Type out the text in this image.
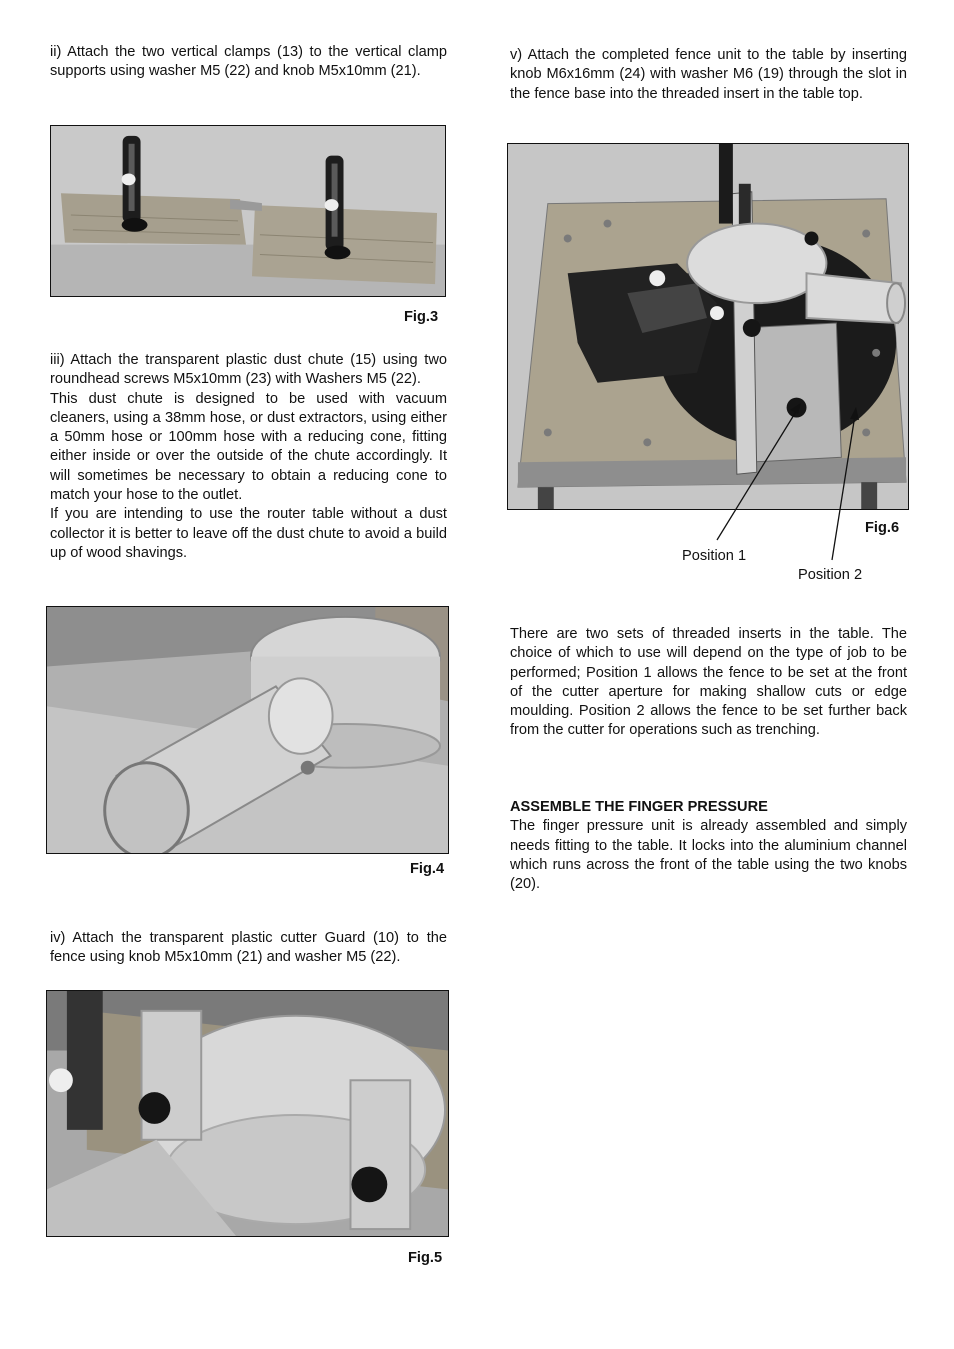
ii) Attach the two vertical clamps (13) to the vertical clamp supports using washer M5 (22) and knob M5x10mm (21).

Fig.3

iii) Attach the transparent plastic dust chute (15) using two roundhead screws M5x10mm (23) with Washers M5 (22).

This dust chute is designed to be used with vacuum cleaners, using a 38mm hose, or dust extractors, using either a 50mm hose or 100mm hose with a reducing cone, fitting either inside or over the outside of the chute accordingly. It will sometimes be necessary to obtain a reducing cone to match your hose to the outlet.

If you are intending to use the router table without a dust collector it is better to leave off the dust chute to avoid a build up of wood shavings.

Fig.4

iv) Attach the transparent plastic cutter Guard (10) to the fence using knob M5x10mm (21) and washer M5 (22).

Fig.5

v) Attach the completed fence unit to the table by inserting knob M6x16mm (24) with washer M6 (19) through the slot in the fence base into the threaded insert in the table top.

Fig.6
Position 1
Position 2

There are two sets of threaded inserts in the table. The choice of which to use will depend on the type of job to be performed; Position 1 allows the fence to be set at the front of the cutter aperture for making shallow cuts or edge moulding. Position 2 allows the fence to be set further back from the cutter for operations such as trenching.

ASSEMBLE THE FINGER PRESSURE

The finger pressure unit is already assembled and simply needs fitting to the table. It locks into the aluminium channel which runs across the front of the table using the two knobs (20).
